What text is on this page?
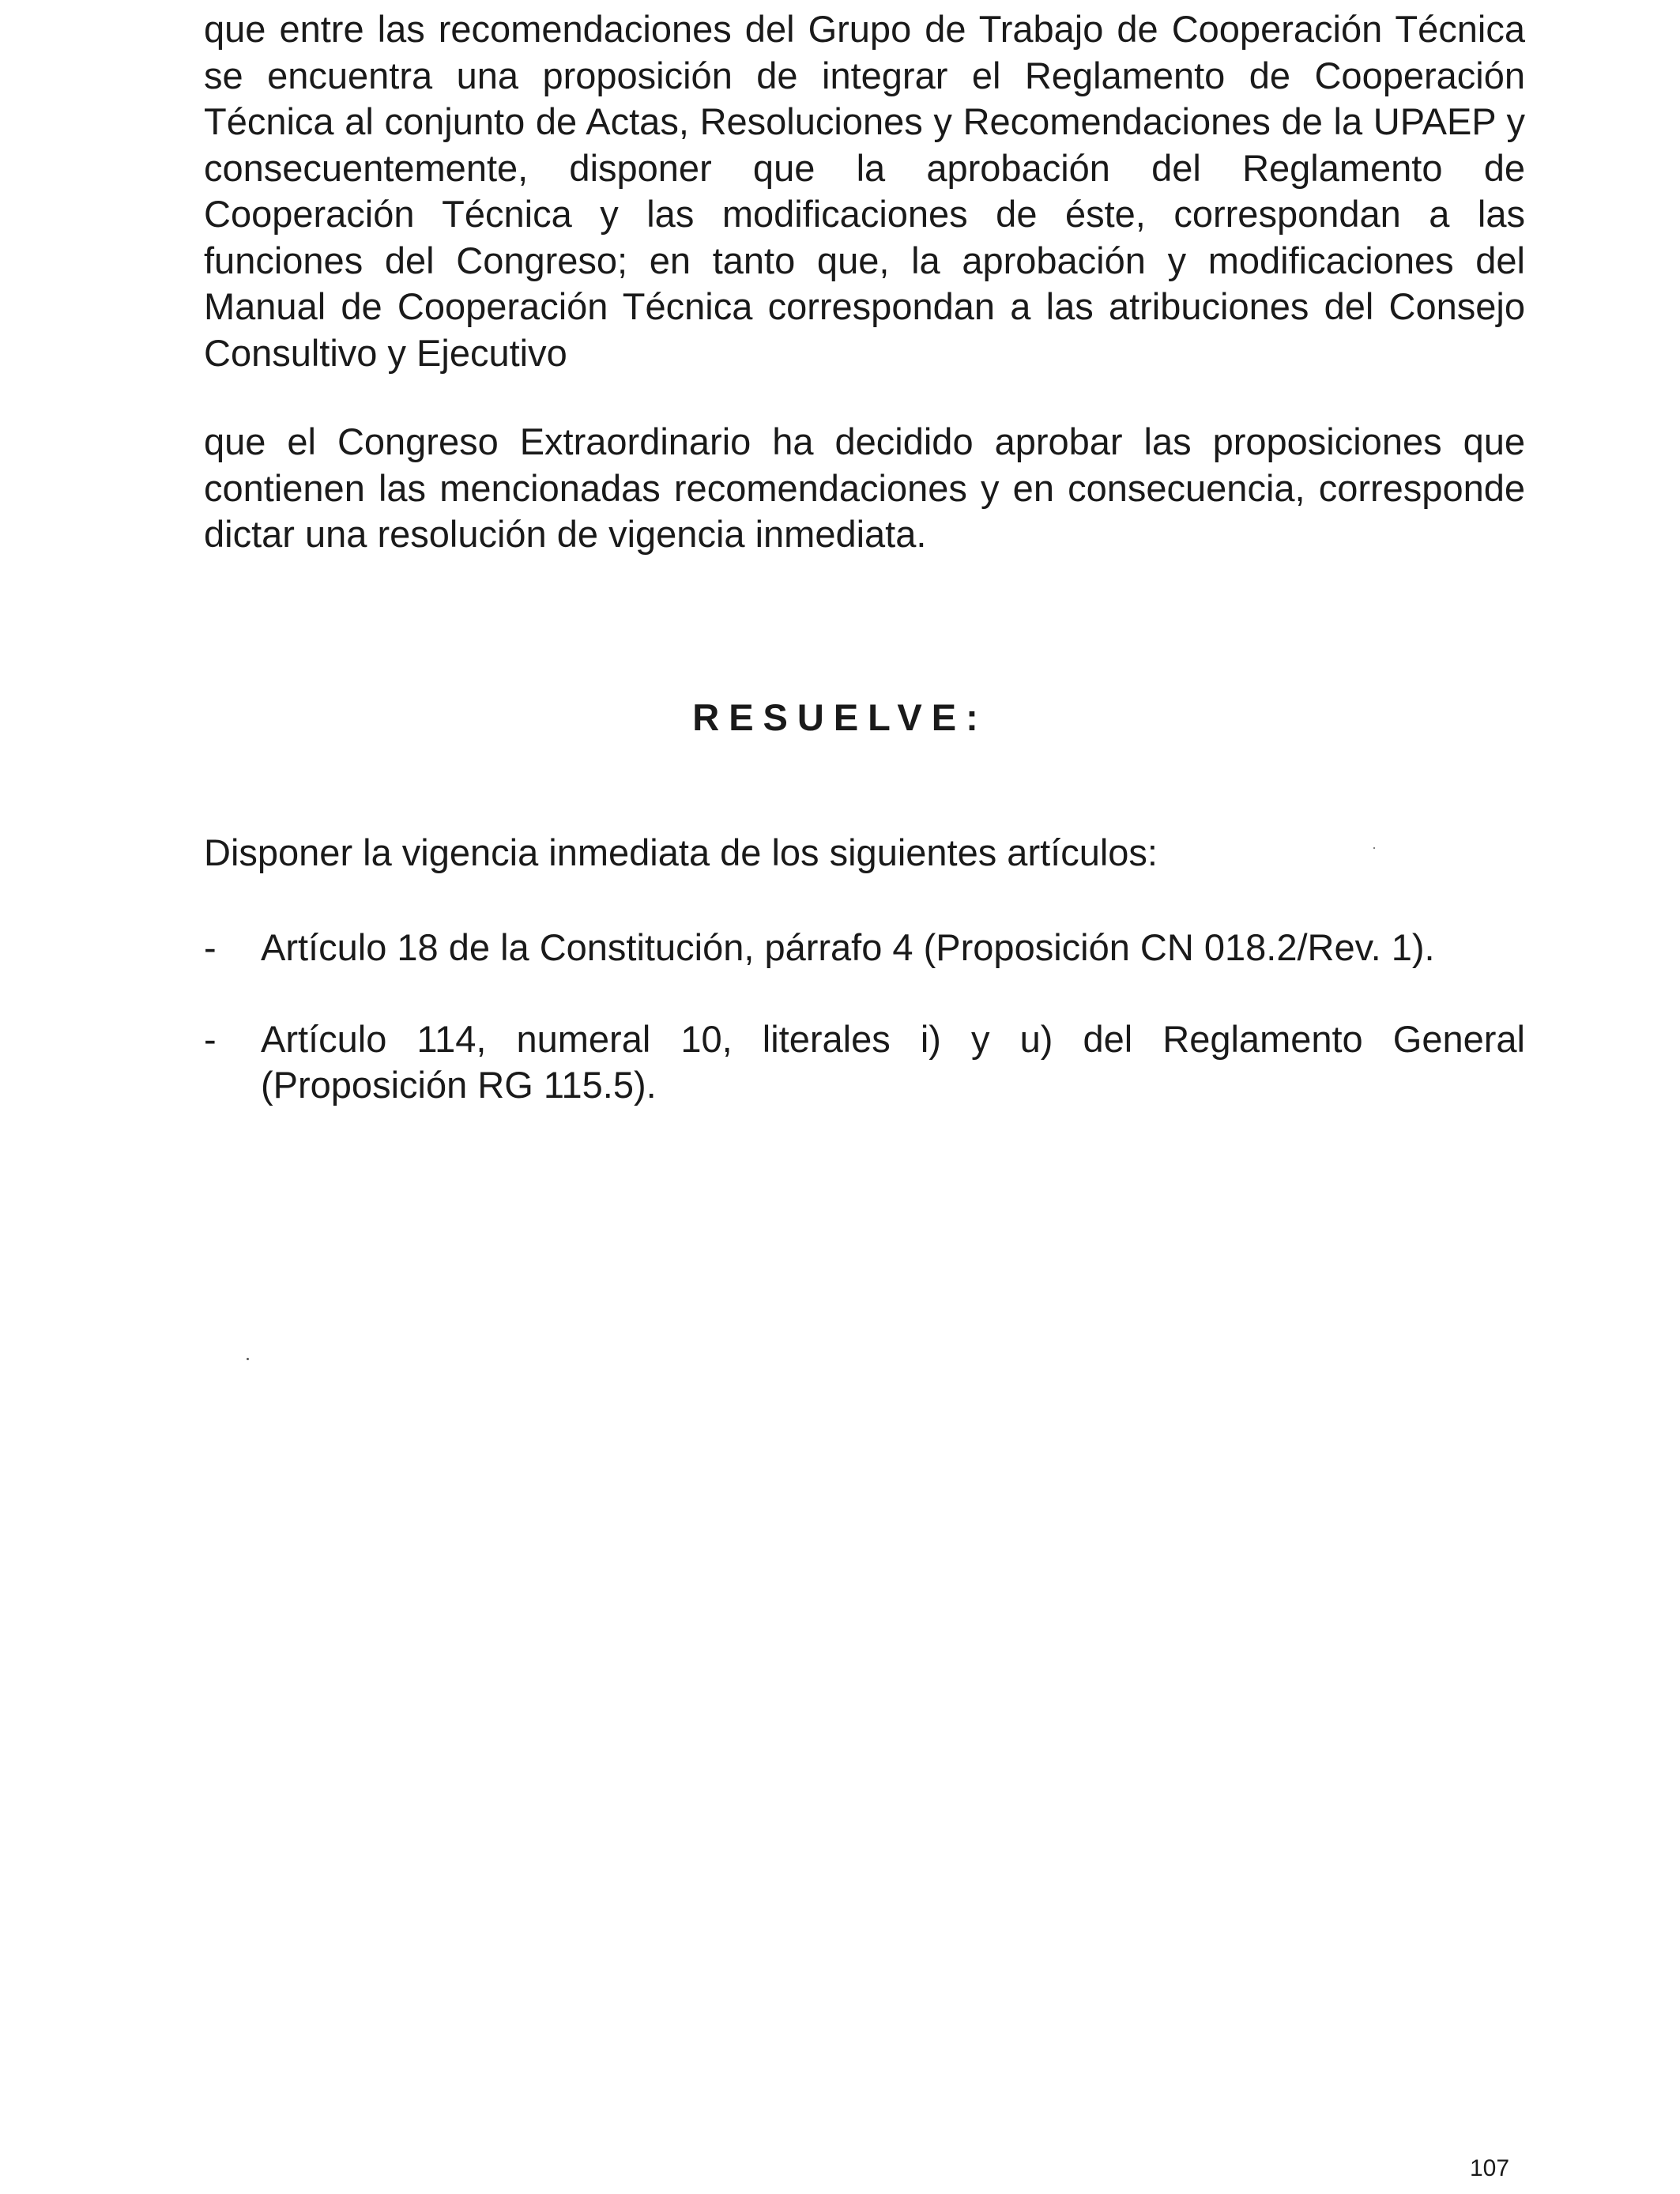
que entre las recomendaciones del Grupo de Trabajo de Cooperación Técnica se encuentra una proposición de integrar el Reglamento de Cooperación Técnica al conjunto de Actas, Resoluciones y Recomendaciones de la UPAEP y consecuentemente, disponer que la aprobación del Reglamento de Cooperación Técnica y las modificaciones de éste, correspondan a las funciones del Congreso; en tanto que, la aprobación y modificaciones del Manual de Cooperación Técnica correspondan a las atribuciones del Consejo Consultivo y Ejecutivo

que el Congreso Extraordinario ha decidido aprobar las proposiciones que contienen las mencionadas recomendaciones y en consecuencia, corresponde dictar una resolución de vigencia inmediata.

RESUELVE:

Disponer la vigencia inmediata de los siguientes artículos:

- Artículo 18 de la Constitución, párrafo 4 (Proposición CN 018.2/Rev. 1).
- Artículo 114, numeral 10, literales i) y u) del Reglamento General (Proposición RG 115.5).
107
